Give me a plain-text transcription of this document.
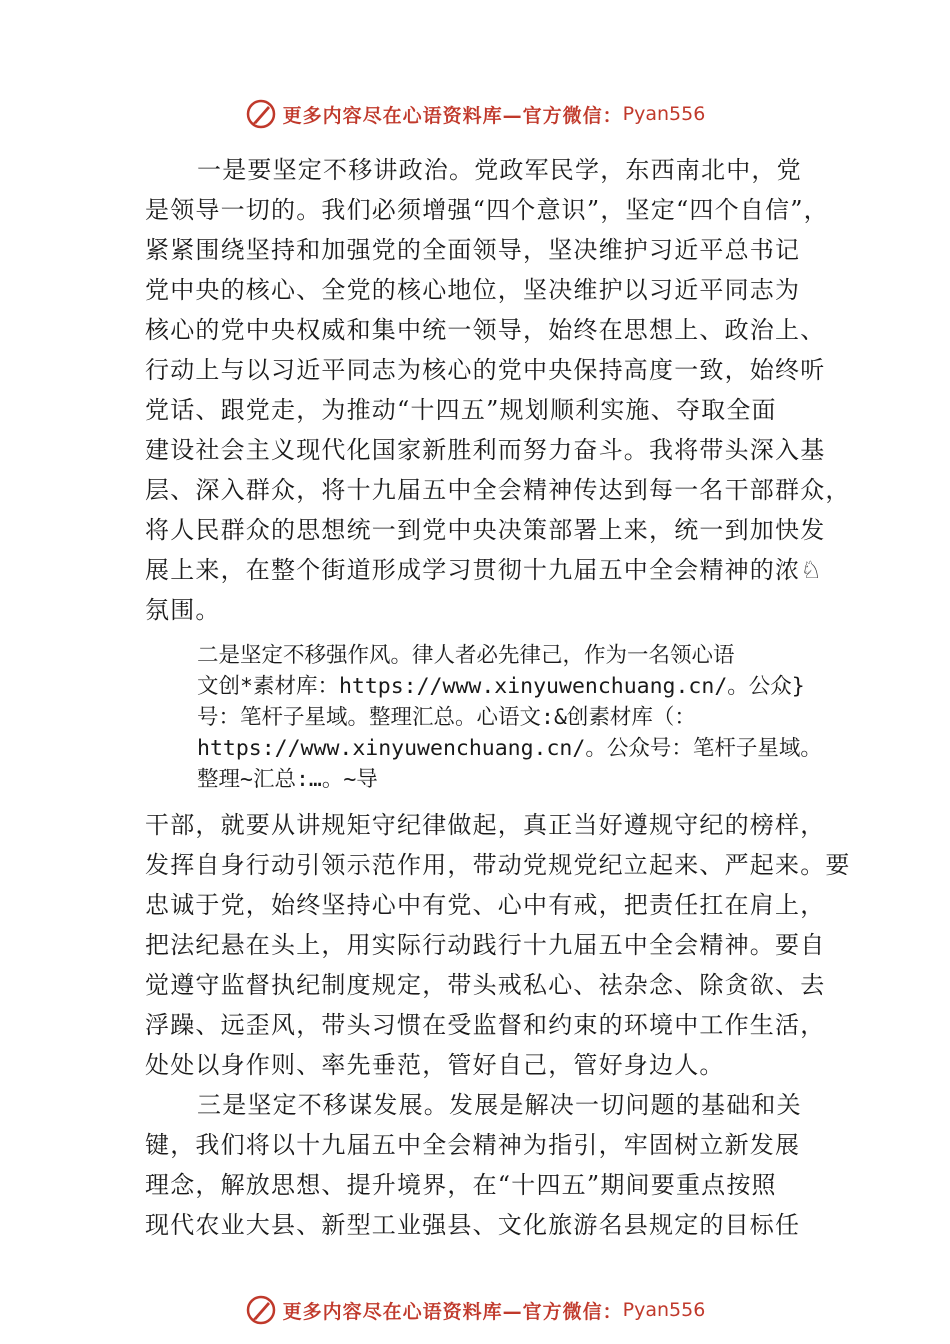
更多内容尽在心语资料库—官方微信： Pyan556
一是要坚定不移讲政治。党政军民学，东西南北中，党
是领导一切的。我们必须增强“四个意识”，坚定“四个自信”，
紧紧围绕坚持和加强党的全面领导，坚决维护习近平总书记
党中央的核心、全党的核心地位，坚决维护以习近平同志为
核心的党中央权威和集中统一领导，始终在思想上、政治上、
行动上与以习近平同志为核心的党中央保持高度一致，始终听
党话、跟党走，为推动“十四五”规划顺利实施、夺取全面
建设社会主义现代化国家新胜利而努力奋斗。我将带头深入基
层、深入群众，将十九届五中全会精神传达到每一名干部群众，
将人民群众的思想统一到党中央决策部署上来，统一到加快发
展上来，在整个街道形成学习贯彻十九届五中全会精神的浓♘
氛围。
二是坚定不移强作风。律人者必先律己，作为一名领心语
文创*素材库：https://www.xinyuwenchuang.cn/。公众}
号：笔杆子星域。整理汇总。心语文:&创素材库（：
https://www.xinyuwenchuang.cn/。公众号：笔杆子星域。
整理~汇总:…。~导
干部，就要从讲规矩守纪律做起，真正当好遵规守纪的榜样，
发挥自身行动引领示范作用，带动党规党纪立起来、严起来。要
忠诚于党，始终坚持心中有党、心中有戒，把责任扛在肩上，
把法纪悬在头上，用实际行动践行十九届五中全会精神。要自
觉遵守监督执纪制度规定，带头戒私心、祛杂念、除贪欲、去
浮躁、远歪风，带头习惯在受监督和约束的环境中工作生活，
处处以身作则、率先垂范，管好自己，管好身边人。
三是坚定不移谋发展。发展是解决一切问题的基础和关
键，我们将以十九届五中全会精神为指引，牢固树立新发展
理念，解放思想、提升境界，在“十四五”期间要重点按照
现代农业大县、新型工业强县、文化旅游名县规定的目标任
更多内容尽在心语资料库—官方微信： Pyan556
